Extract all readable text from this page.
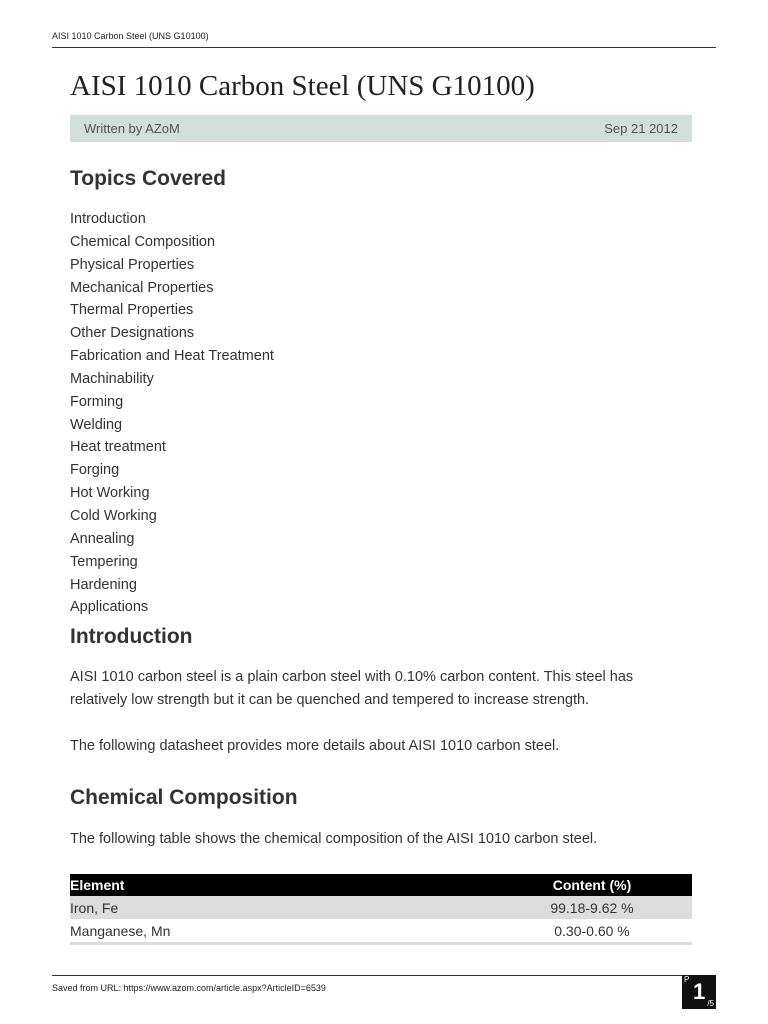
AISI 1010 Carbon Steel (UNS G10100)
AISI 1010 Carbon Steel (UNS G10100)
Written by AZoM	Sep 21 2012
Topics Covered
Introduction
Chemical Composition
Physical Properties
Mechanical Properties
Thermal Properties
Other Designations
Fabrication and Heat Treatment
Machinability
Forming
Welding
Heat treatment
Forging
Hot Working
Cold Working
Annealing
Tempering
Hardening
Applications
Introduction

AISI 1010 carbon steel is a plain carbon steel with 0.10% carbon content. This steel has
relatively low strength but it can be quenched and tempered to increase strength.

The following datasheet provides more details about AISI 1010 carbon steel.

Chemical Composition

The following table shows the chemical composition of the AISI 1010 carbon steel.

Element	Content (%)
Iron, Fe	99.18-9.62 %
Manganese, Mn	0.30-0.60 %
Saved from URL: https://www.azom.com/article.aspx?ArticleID=6539
P 1 /5
